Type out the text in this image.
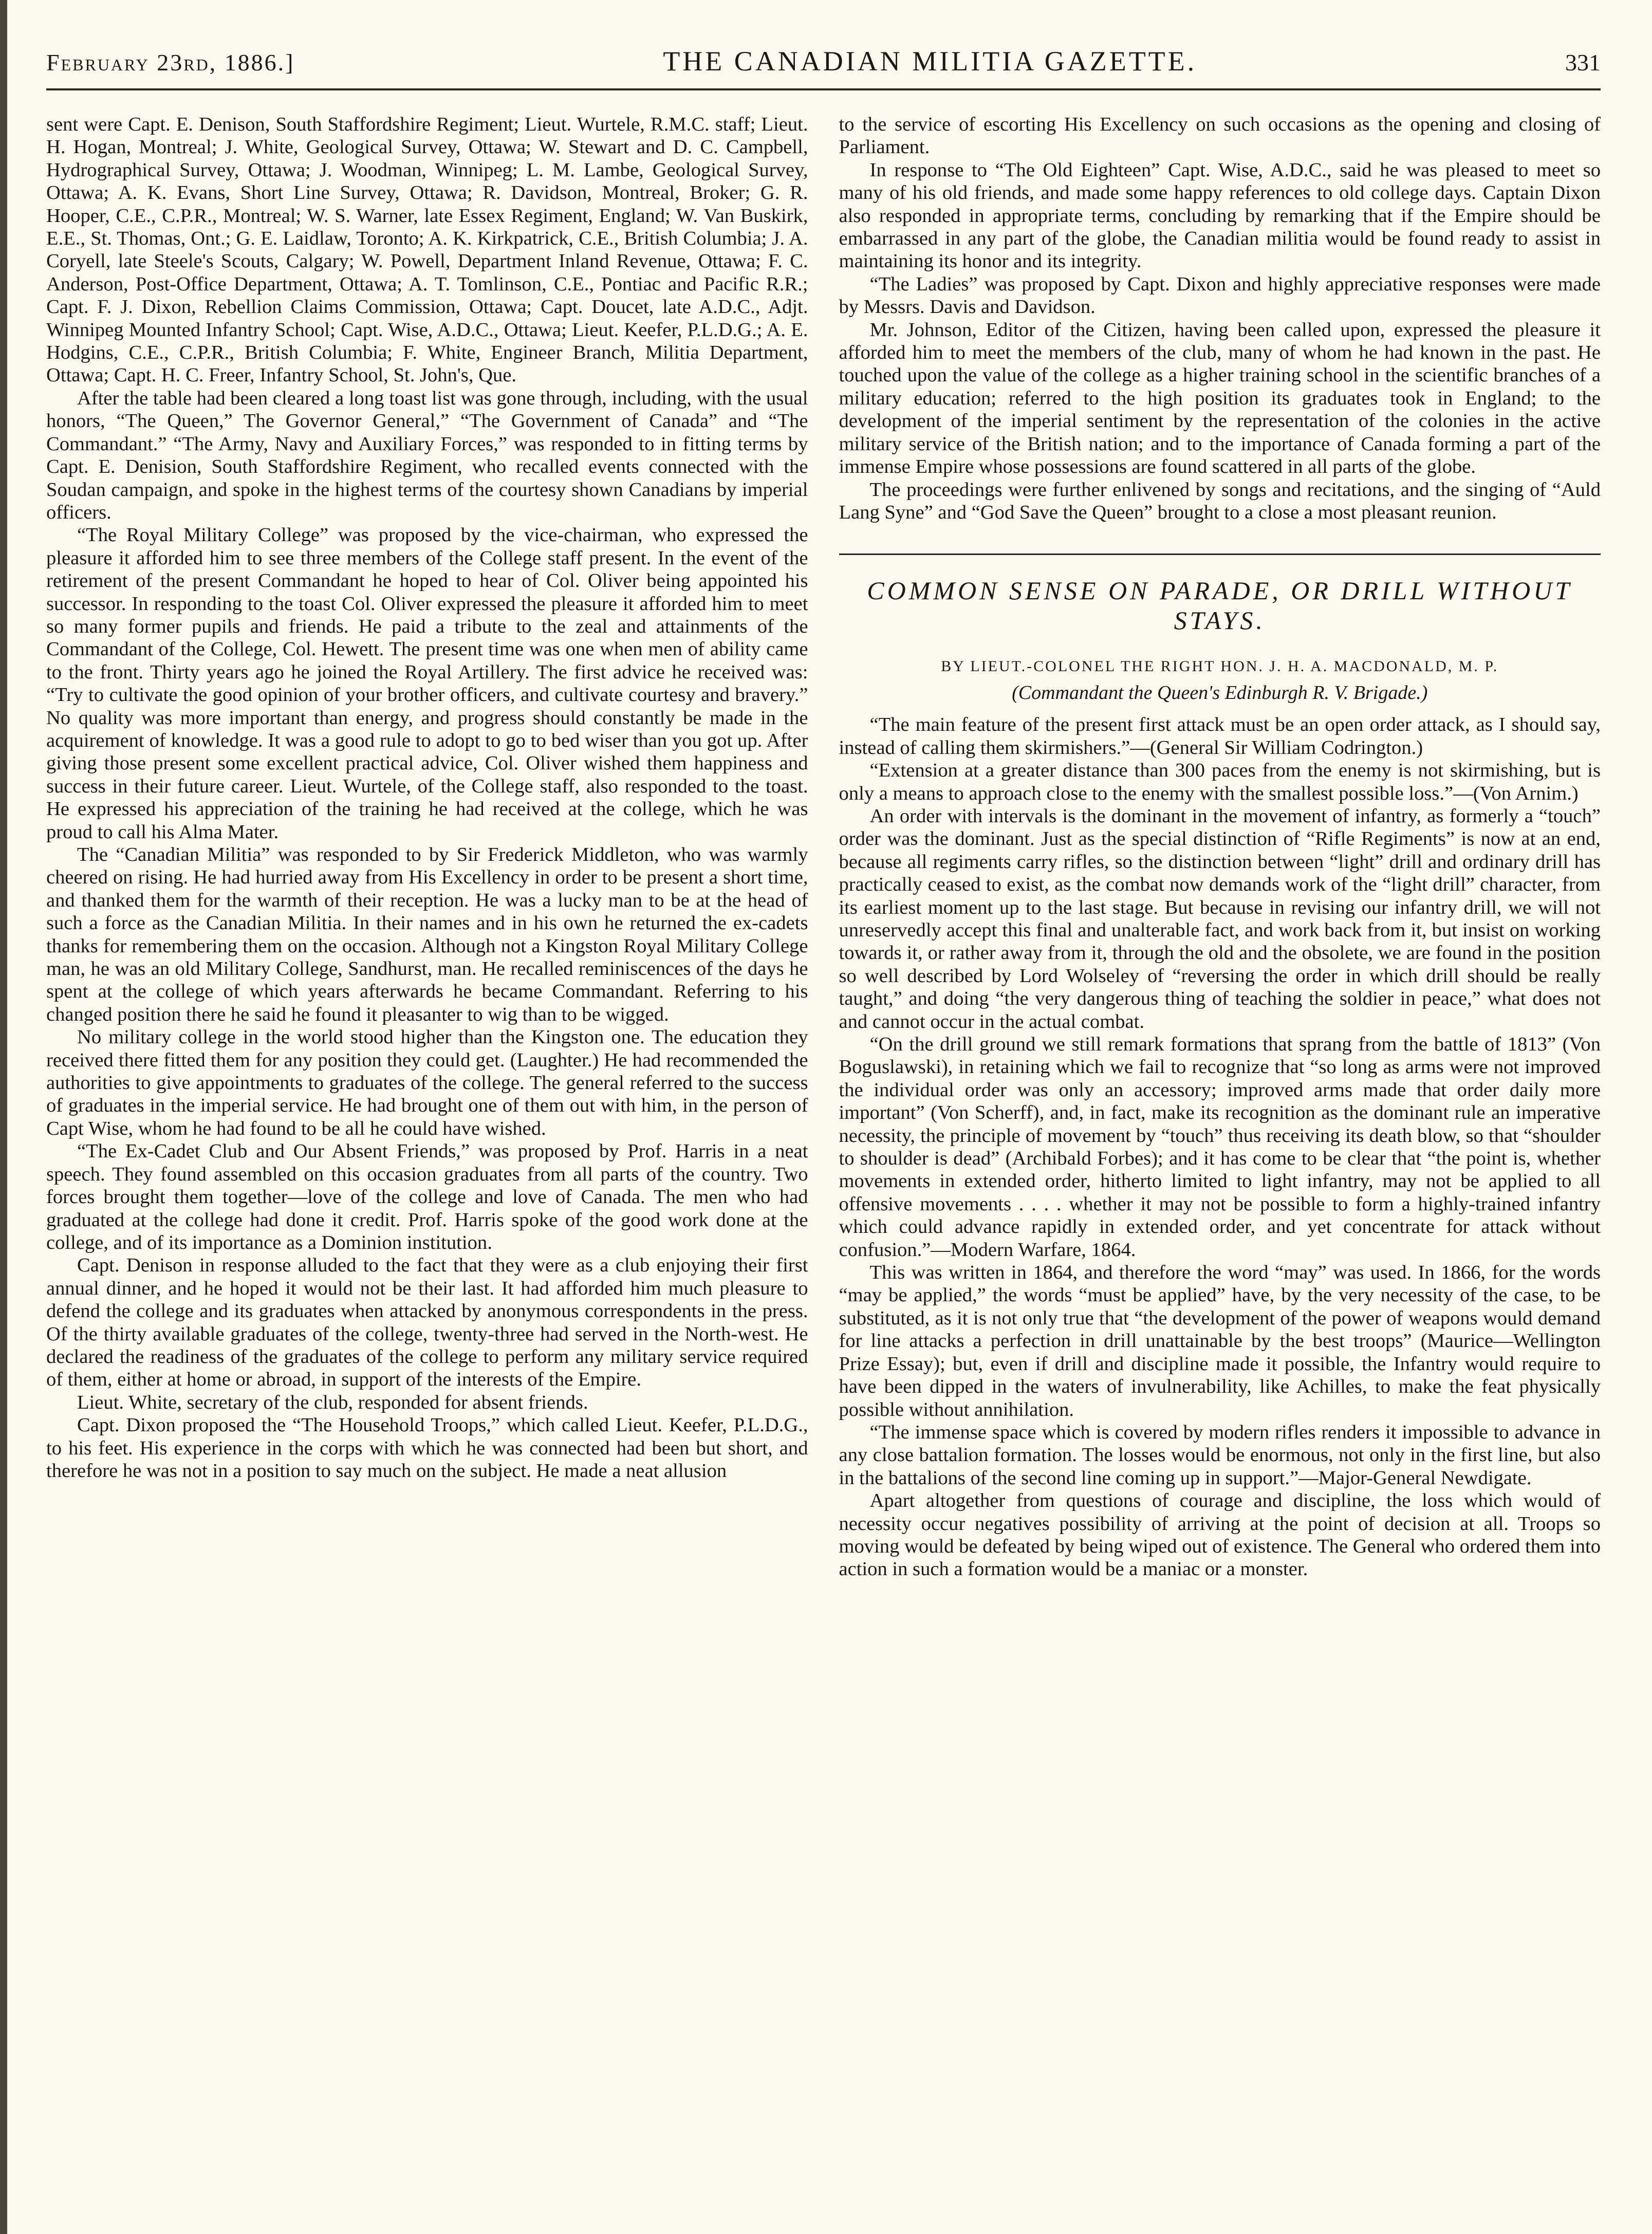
February 23rd, 1886.]	THE CANADIAN MILITIA GAZETTE.	331

sent were Capt. E. Denison, South Staffordshire Regiment; Lieut. Wurtele, R.M.C. staff; Lieut. H. Hogan, Montreal; J. White, Geological Survey, Ottawa; W. Stewart and D. C. Campbell, Hydrographical Survey, Ottawa; J. Woodman, Winnipeg; L. M. Lambe, Geological Survey, Ottawa; A. K. Evans, Short Line Survey, Ottawa; R. Davidson, Montreal, Broker; G. R. Hooper, C.E., C.P.R., Montreal; W. S. Warner, late Essex Regiment, England; W. Van Buskirk, E.E., St. Thomas, Ont.; G. E. Laidlaw, Toronto; A. K. Kirkpatrick, C.E., British Columbia; J. A. Coryell, late Steele's Scouts, Calgary; W. Powell, Department Inland Revenue, Ottawa; F. C. Anderson, Post-Office Department, Ottawa; A. T. Tomlinson, C.E., Pontiac and Pacific R.R.; Capt. F. J. Dixon, Rebellion Claims Commission, Ottawa; Capt. Doucet, late A.D.C., Adjt. Winnipeg Mounted Infantry School; Capt. Wise, A.D.C., Ottawa; Lieut. Keefer, P.L.D.G.; A. E. Hodgins, C.E., C.P.R., British Columbia; F. White, Engineer Branch, Militia Department, Ottawa; Capt. H. C. Freer, Infantry School, St. John's, Que.

After the table had been cleared a long toast list was gone through, including, with the usual honors, “The Queen,” The Governor General,” “The Government of Canada” and “The Commandant.” “The Army, Navy and Auxiliary Forces,” was responded to in fitting terms by Capt. E. Denision, South Staffordshire Regiment, who recalled events connected with the Soudan campaign, and spoke in the highest terms of the courtesy shown Canadians by imperial officers.

“The Royal Military College” was proposed by the vice-chairman, who expressed the pleasure it afforded him to see three members of the College staff present. In the event of the retirement of the present Commandant he hoped to hear of Col. Oliver being appointed his successor. In responding to the toast Col. Oliver expressed the pleasure it afforded him to meet so many former pupils and friends. He paid a tribute to the zeal and attainments of the Commandant of the College, Col. Hewett. The present time was one when men of ability came to the front. Thirty years ago he joined the Royal Artillery. The first advice he received was: “Try to cultivate the good opinion of your brother officers, and cultivate courtesy and bravery.” No quality was more important than energy, and progress should constantly be made in the acquirement of knowledge. It was a good rule to adopt to go to bed wiser than you got up. After giving those present some excellent practical advice, Col. Oliver wished them happiness and success in their future career. Lieut. Wurtele, of the College staff, also responded to the toast. He expressed his appreciation of the training he had received at the college, which he was proud to call his Alma Mater.

The “Canadian Militia” was responded to by Sir Frederick Middleton, who was warmly cheered on rising. He had hurried away from His Excellency in order to be present a short time, and thanked them for the warmth of their reception. He was a lucky man to be at the head of such a force as the Canadian Militia. In their names and in his own he returned the ex-cadets thanks for remembering them on the occasion. Although not a Kingston Royal Military College man, he was an old Military College, Sandhurst, man. He recalled reminiscences of the days he spent at the college of which years afterwards he became Commandant. Referring to his changed position there he said he found it pleasanter to wig than to be wigged.

No military college in the world stood higher than the Kingston one. The education they received there fitted them for any position they could get. (Laughter.) He had recommended the authorities to give appointments to graduates of the college. The general referred to the success of graduates in the imperial service. He had brought one of them out with him, in the person of Capt Wise, whom he had found to be all he could have wished.

“The Ex-Cadet Club and Our Absent Friends,” was proposed by Prof. Harris in a neat speech. They found assembled on this occasion graduates from all parts of the country. Two forces brought them together—love of the college and love of Canada. The men who had graduated at the college had done it credit. Prof. Harris spoke of the good work done at the college, and of its importance as a Dominion institution.

Capt. Denison in response alluded to the fact that they were as a club enjoying their first annual dinner, and he hoped it would not be their last. It had afforded him much pleasure to defend the college and its graduates when attacked by anonymous correspondents in the press. Of the thirty available graduates of the college, twenty-three had served in the North-west. He declared the readiness of the graduates of the college to perform any military service required of them, either at home or abroad, in support of the interests of the Empire.

Lieut. White, secretary of the club, responded for absent friends.

Capt. Dixon proposed the “The Household Troops,” which called Lieut. Keefer, P.L.D.G., to his feet. His experience in the corps with which he was connected had been but short, and therefore he was not in a position to say much on the subject. He made a neat allusion

to the service of escorting His Excellency on such occasions as the opening and closing of Parliament.

In response to “The Old Eighteen” Capt. Wise, A.D.C., said he was pleased to meet so many of his old friends, and made some happy references to old college days. Captain Dixon also responded in appropriate terms, concluding by remarking that if the Empire should be embarrassed in any part of the globe, the Canadian militia would be found ready to assist in maintaining its honor and its integrity.

“The Ladies” was proposed by Capt. Dixon and highly appreciative responses were made by Messrs. Davis and Davidson.

Mr. Johnson, Editor of the Citizen, having been called upon, expressed the pleasure it afforded him to meet the members of the club, many of whom he had known in the past. He touched upon the value of the college as a higher training school in the scientific branches of a military education; referred to the high position its graduates took in England; to the development of the imperial sentiment by the representation of the colonies in the active military service of the British nation; and to the importance of Canada forming a part of the immense Empire whose possessions are found scattered in all parts of the globe.

The proceedings were further enlivened by songs and recitations, and the singing of “Auld Lang Syne” and “God Save the Queen” brought to a close a most pleasant reunion.

COMMON SENSE ON PARADE, OR DRILL WITHOUT STAYS.
BY LIEUT.-COLONEL THE RIGHT HON. J. H. A. MACDONALD, M. P.
(Commandant the Queen's Edinburgh R. V. Brigade.)

“The main feature of the present first attack must be an open order attack, as I should say, instead of calling them skirmishers.”—(General Sir William Codrington.)

“Extension at a greater distance than 300 paces from the enemy is not skirmishing, but is only a means to approach close to the enemy with the smallest possible loss.”—(Von Arnim.)

An order with intervals is the dominant in the movement of infantry, as formerly a “touch” order was the dominant. Just as the special distinction of “Rifle Regiments” is now at an end, because all regiments carry rifles, so the distinction between “light” drill and ordinary drill has practically ceased to exist, as the combat now demands work of the “light drill” character, from its earliest moment up to the last stage. But because in revising our infantry drill, we will not unreservedly accept this final and unalterable fact, and work back from it, but insist on working towards it, or rather away from it, through the old and the obsolete, we are found in the position so well described by Lord Wolseley of “reversing the order in which drill should be really taught,” and doing “the very dangerous thing of teaching the soldier in peace,” what does not and cannot occur in the actual combat.

“On the drill ground we still remark formations that sprang from the battle of 1813” (Von Boguslawski), in retaining which we fail to recognize that “so long as arms were not improved the individual order was only an accessory; improved arms made that order daily more important” (Von Scherff), and, in fact, make its recognition as the dominant rule an imperative necessity, the principle of movement by “touch” thus receiving its death blow, so that “shoulder to shoulder is dead” (Archibald Forbes); and it has come to be clear that “the point is, whether movements in extended order, hitherto limited to light infantry, may not be applied to all offensive movements . . . . whether it may not be possible to form a highly-trained infantry which could advance rapidly in extended order, and yet concentrate for attack without confusion.”—Modern Warfare, 1864.

This was written in 1864, and therefore the word “may” was used. In 1866, for the words “may be applied,” the words “must be applied” have, by the very necessity of the case, to be substituted, as it is not only true that “the development of the power of weapons would demand for line attacks a perfection in drill unattainable by the best troops” (Maurice—Wellington Prize Essay); but, even if drill and discipline made it possible, the Infantry would require to have been dipped in the waters of invulnerability, like Achilles, to make the feat physically possible without annihilation.

“The immense space which is covered by modern rifles renders it impossible to advance in any close battalion formation. The losses would be enormous, not only in the first line, but also in the battalions of the second line coming up in support.”—Major-General Newdigate.

Apart altogether from questions of courage and discipline, the loss which would of necessity occur negatives possibility of arriving at the point of decision at all. Troops so moving would be defeated by being wiped out of existence. The General who ordered them into action in such a formation would be a maniac or a monster.
